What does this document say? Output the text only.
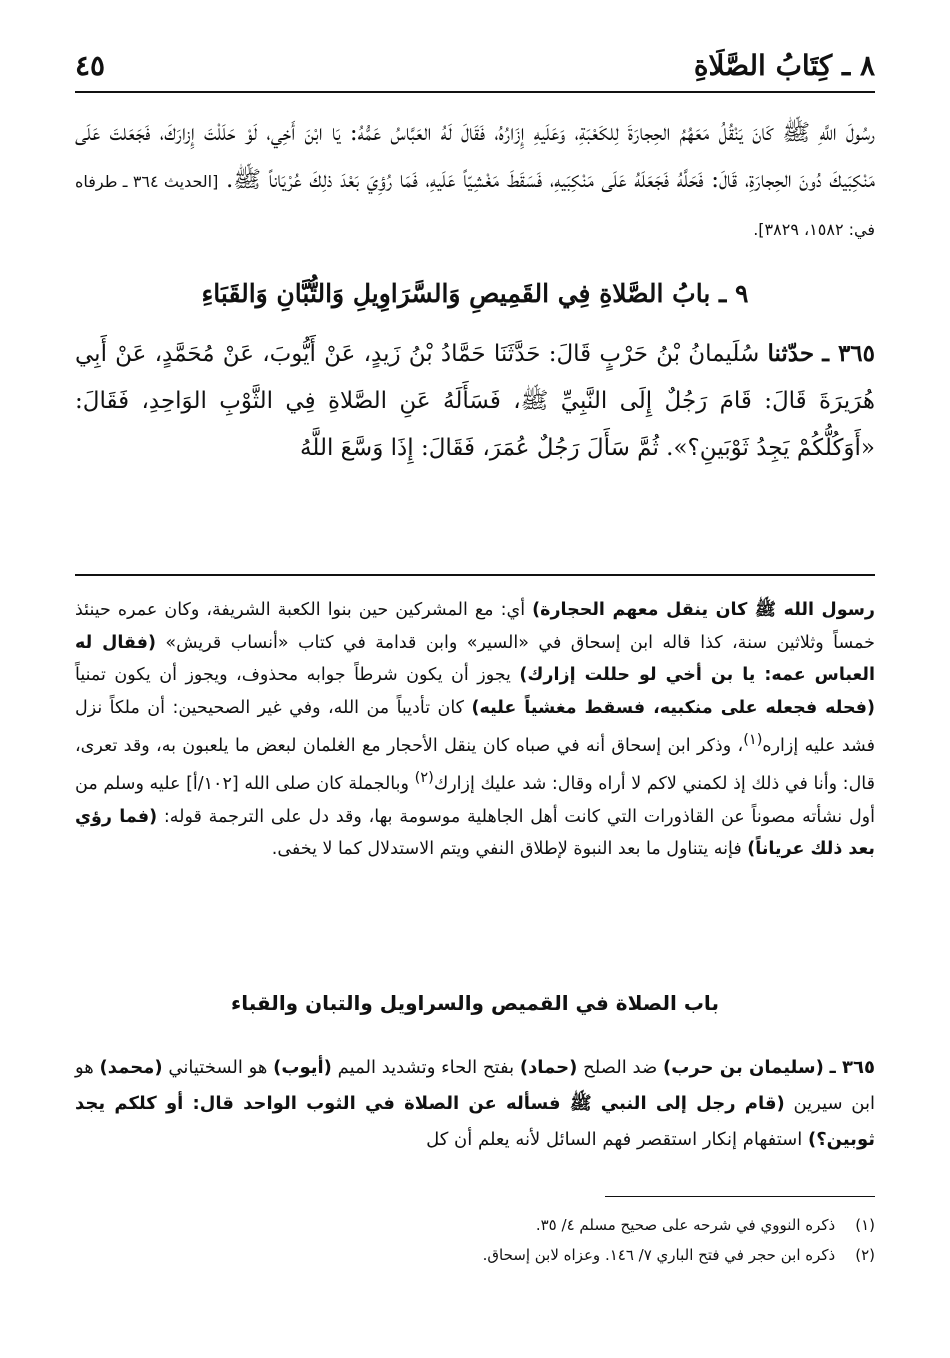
٨ ـ كِتَابُ الصَّلَاةِ
٤٥

رسُولَ اللَّهِ ﷺ كَانَ يَنْقُلُ مَعَهُمُ الحِجارَةَ لِلكَعْبَةِ، وَعَلَيهِ إِزَارُهُ، فَقَالَ لَهُ العَبَّاسُ عَمُّهُ: يَا ابْنَ أَخِي، لَوْ حَلَلْتَ إِزارَكَ، فَجَعَلتَ عَلَى مَنْكِبَيكَ دُونَ الحِجارَةِ، قَالَ: فَحَلَّهُ فَجَعَلَهُ عَلَى مَنْكِبَيهِ، فَسَقَطَ مَغْشِيّاً عَلَيهِ، فَمَا رُؤِيَ بَعْدَ ذلِكَ عُرْيَاناً ﷺ. [الحديث ٣٦٤ ـ طرفاه في: ١٥٨٢، ٣٨٢٩].

٩ ـ بابُ الصَّلاةِ فِي القَمِيصِ وَالسَّرَاوِيلِ وَالتُّبَّانِ وَالقَبَاءِ

٣٦٥ ـ حدّثنا سُلَيمانُ بْنُ حَرْبٍ قَالَ: حَدَّثَنَا حَمَّادُ بْنُ زَيدٍ، عَنْ أَيُّوبَ، عَنْ مُحَمَّدٍ، عَنْ أَبِي هُرَيرَةَ قَالَ: قَامَ رَجُلٌ إِلَى النَّبِيِّ ﷺ، فَسَأَلَهُ عَنِ الصَّلاةِ فِي الثَّوْبِ الوَاحِدِ، فَقَالَ: «أَوَكُلُّكُمْ يَجِدُ ثَوْبَينِ؟». ثُمَّ سَأَلَ رَجُلٌ عُمَرَ، فَقَالَ: إِذَا وَسَّعَ اللَّهُ

رسول الله ﷺ كان ينقل معهم الحجارة) أي: مع المشركين حين بنوا الكعبة الشريفة، وكان عمره حينئذ خمساً وثلاثين سنة، كذا قاله ابن إسحاق في «السير» وابن قدامة في كتاب «أنساب قريش» (فقال له العباس عمه: يا بن أخي لو حللت إزارك) يجوز أن يكون شرطاً جوابه محذوف، ويجوز أن يكون تمنياً (فحله فجعله على منكبيه، فسقط مغشياً عليه) كان تأديباً من الله، وفي غير الصحيحين: أن ملكاً نزل فشد عليه إزاره$^{(١)}$، وذكر ابن إسحاق أنه في صباه كان ينقل الأحجار مع الغلمان لبعض ما يلعبون به، وقد تعرى، قال: وأنا في ذلك إذ لكمني لاكم لا أراه وقال: شد عليك إزارك$^{(٢)}$ وبالجملة كان صلى الله [١٠٢/أ] عليه وسلم من أول نشأته مصوناً عن القاذورات التي كانت أهل الجاهلية موسومة بها، وقد دل على الترجمة قوله: (فما رؤي بعد ذلك عرياناً) فإنه يتناول ما بعد النبوة لإطلاق النفي ويتم الاستدلال كما لا يخفى.

باب الصلاة في القميص والسراويل والتبان والقباء

٣٦٥ ـ (سليمان بن حرب) ضد الصلح (حماد) بفتح الحاء وتشديد الميم (أيوب) هو السختياني (محمد) هو ابن سيرين (قام رجل إلى النبي ﷺ فسأله عن الصلاة في الثوب الواحد قال: أو كلكم يجد ثوبين؟) استفهام إنكار استقصر فهم السائل لأنه يعلم أن كل

(١)
ذكره النووي في شرحه على صحيح مسلم ٤/ ٣٥.
(٢)
ذكره ابن حجر في فتح الباري ٧/ ١٤٦. وعزاه لابن إسحاق.
